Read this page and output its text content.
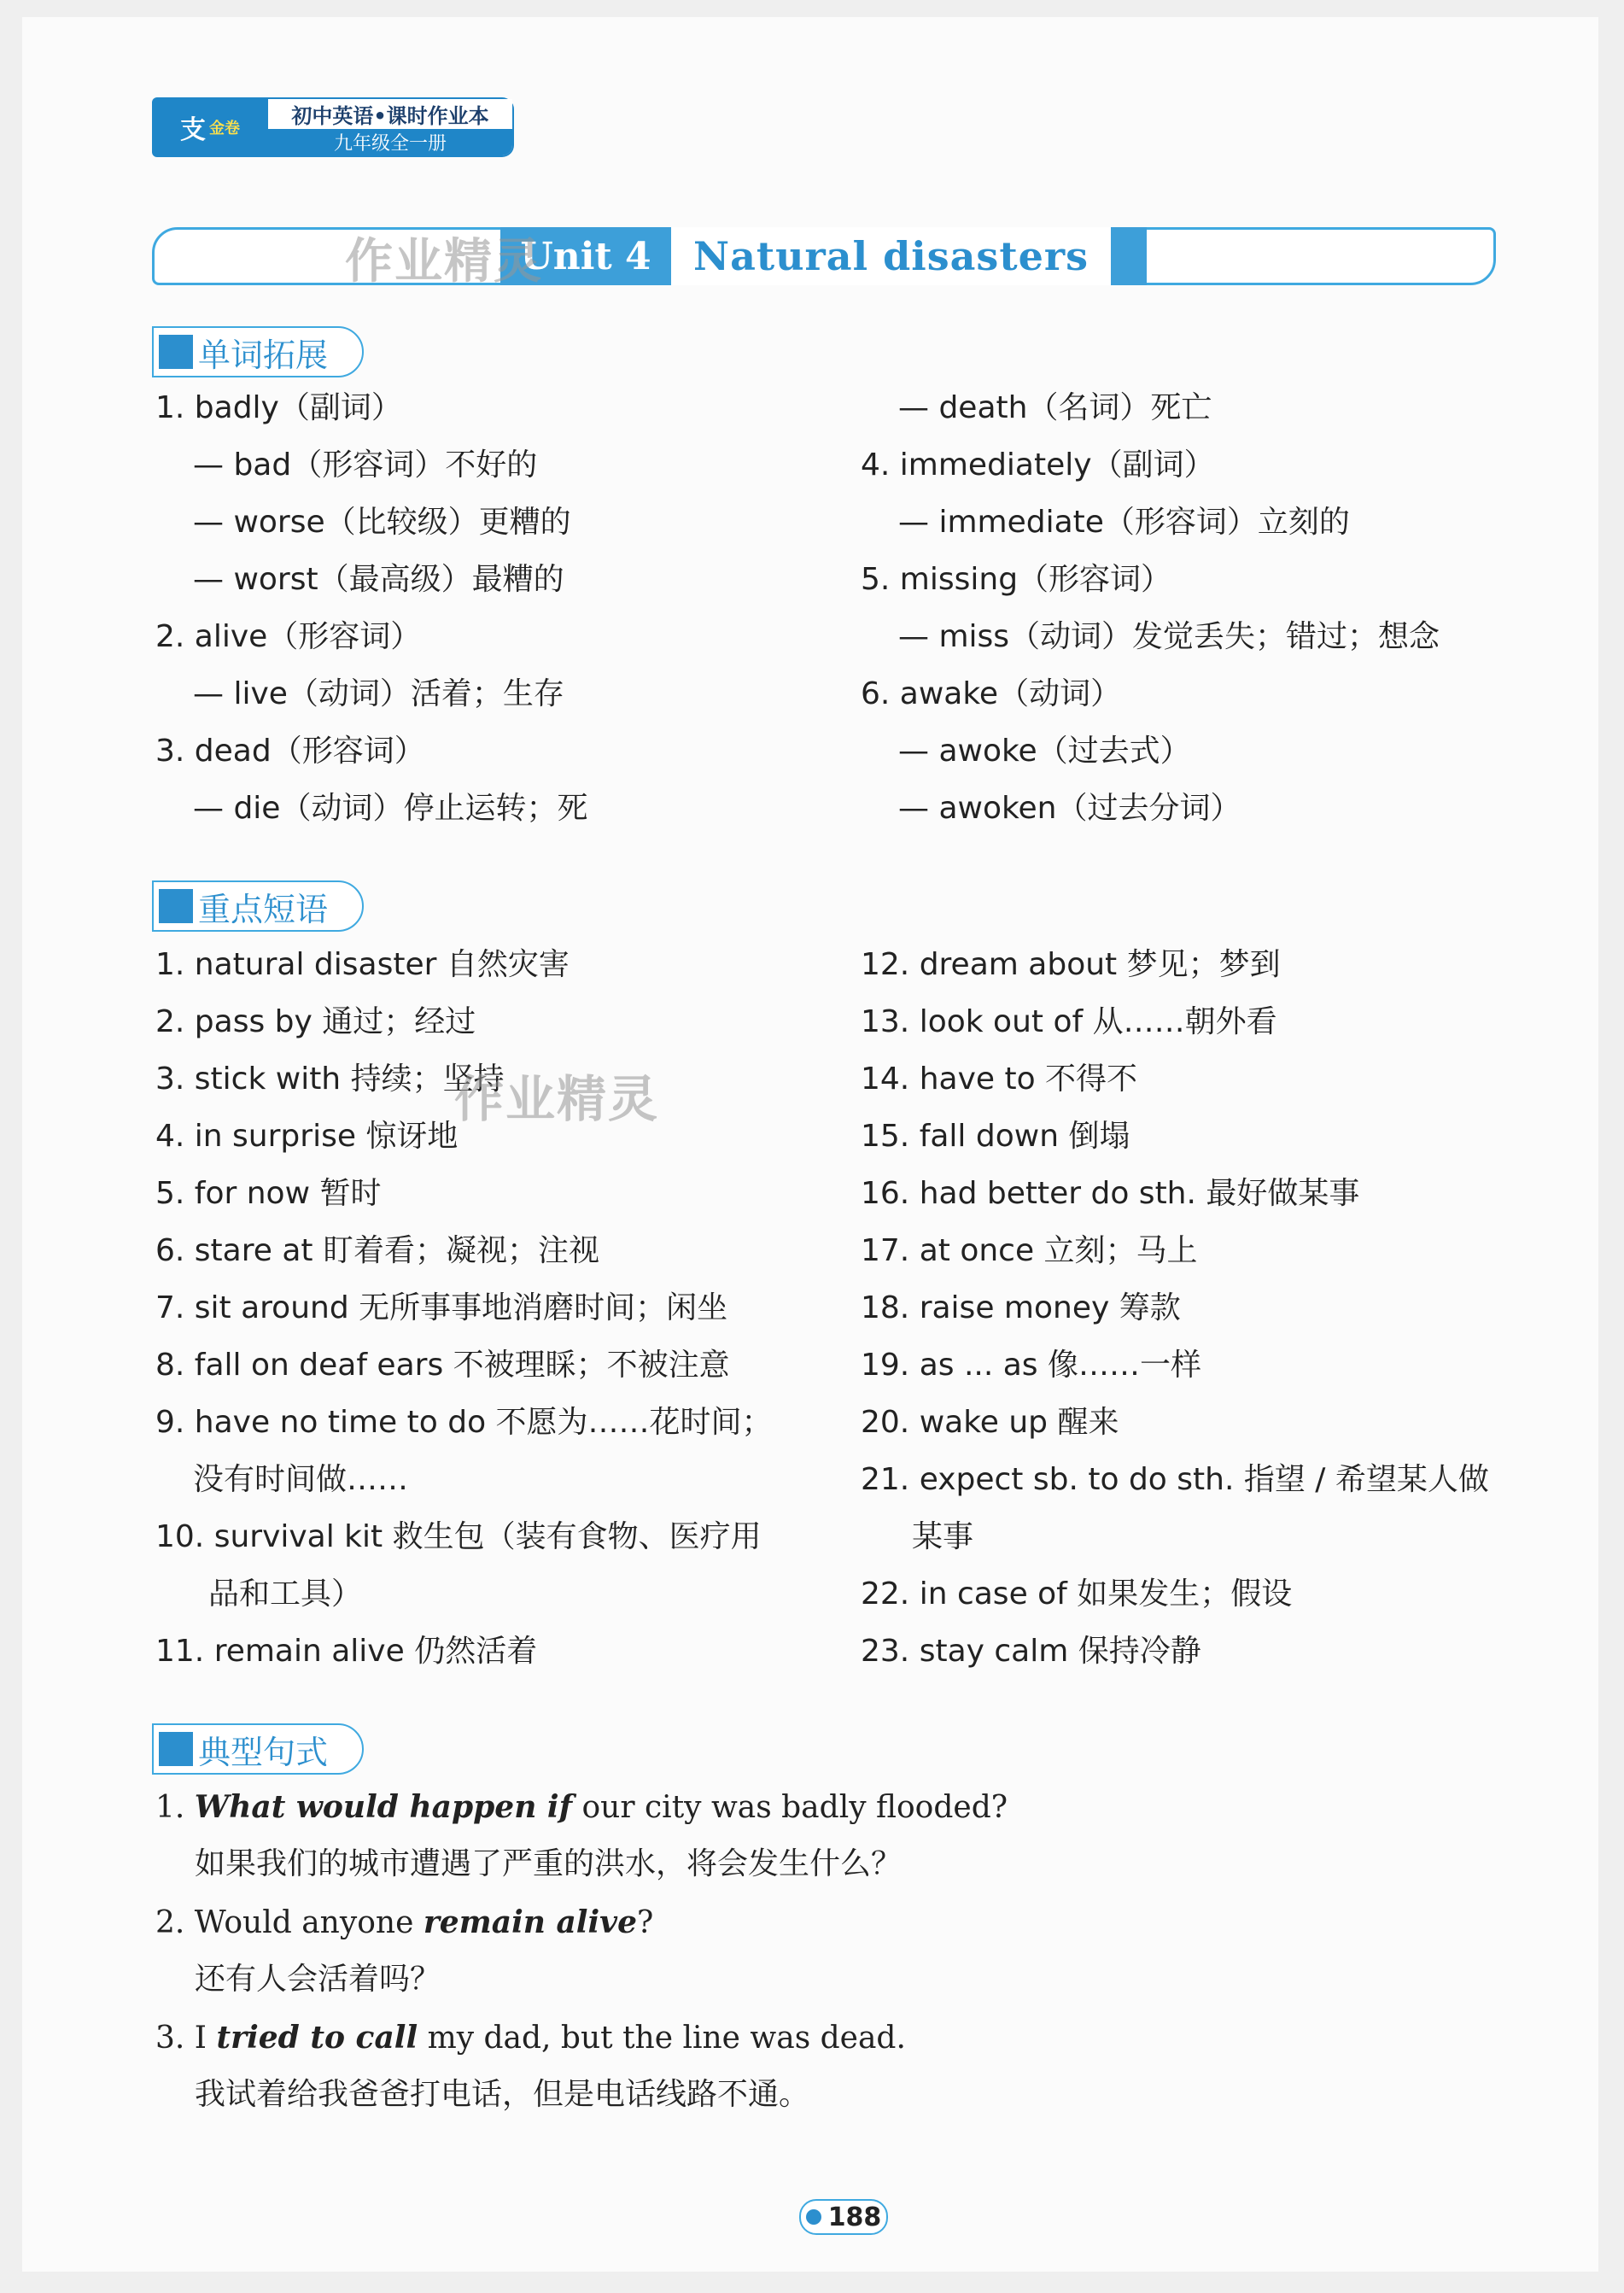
支 金卷
初中英语•课时作业本
九年级全一册
Unit 4	Natural disasters
作业精灵
单词拓展
1. badly（副词）
— bad（形容词）不好的
— worse（比较级）更糟的
— worst（最高级）最糟的
2. alive（形容词）
— live（动词）活着；生存
3. dead（形容词）
— die（动词）停止运转；死
— death（名词）死亡
4. immediately（副词）
— immediate（形容词）立刻的
5. missing（形容词）
— miss（动词）发觉丢失；错过；想念
6. awake（动词）
— awoke（过去式）
— awoken（过去分词）
重点短语
1. natural disaster 自然灾害
2. pass by 通过；经过
3. stick with 持续；坚持
4. in surprise 惊讶地
5. for now 暂时
6. stare at 盯着看；凝视；注视
7. sit around 无所事事地消磨时间；闲坐
8. fall on deaf ears 不被理睬；不被注意
9. have no time to do 不愿为……花时间；
没有时间做……
10. survival kit 救生包（装有食物、医疗用
品和工具）
11. remain alive 仍然活着
12. dream about 梦见；梦到
13. look out of 从……朝外看
14. have to 不得不
15. fall down 倒塌
16. had better do sth. 最好做某事
17. at once 立刻；马上
18. raise money 筹款
19. as ... as 像……一样
20. wake up 醒来
21. expect sb. to do sth. 指望 / 希望某人做
某事
22. in case of 如果发生；假设
23. stay calm 保持冷静
作业精灵
典型句式
1. What would happen if our city was badly flooded?
如果我们的城市遭遇了严重的洪水，将会发生什么？
2. Would anyone remain alive?
还有人会活着吗？
3. I tried to call my dad, but the line was dead.
我试着给我爸爸打电话，但是电话线路不通。
188
